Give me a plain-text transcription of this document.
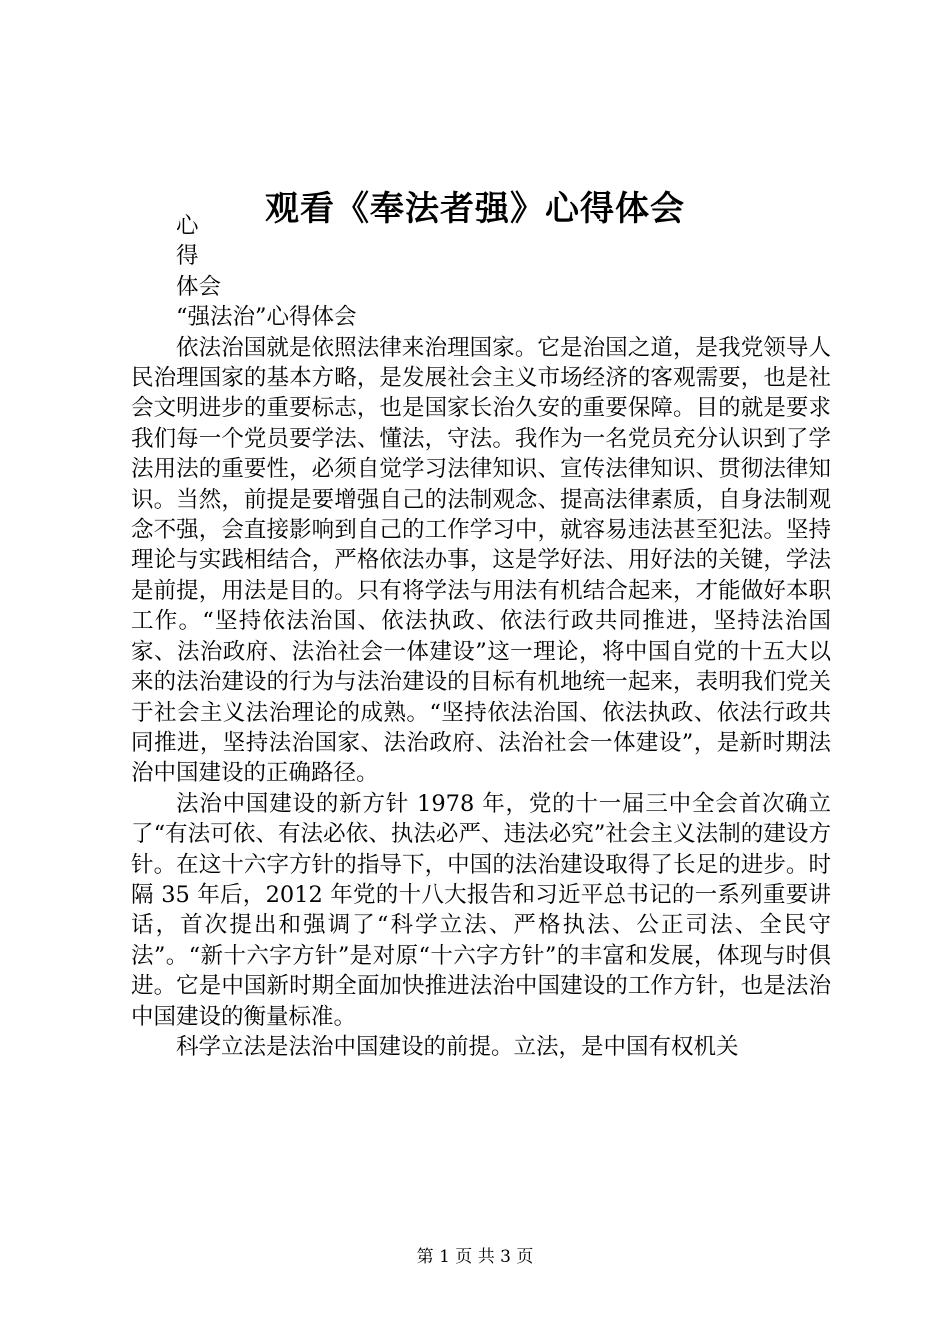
观看《奉法者强》心得体会

心

得

体会

“强法治”心得体会

依法治国就是依照法律来治理国家。它是治国之道，是我党领导人民治理国家的基本方略，是发展社会主义市场经济的客观需要，也是社会文明进步的重要标志，也是国家长治久安的重要保障。目的就是要求我们每一个党员要学法、懂法，守法。我作为一名党员充分认识到了学法用法的重要性，必须自觉学习法律知识、宣传法律知识、贯彻法律知识。当然，前提是要增强自己的法制观念、提高法律素质，自身法制观念不强，会直接影响到自己的工作学习中，就容易违法甚至犯法。坚持理论与实践相结合，严格依法办事，这是学好法、用好法的关键，学法是前提，用法是目的。只有将学法与用法有机结合起来，才能做好本职工作。“坚持依法治国、依法执政、依法行政共同推进，坚持法治国家、法治政府、法治社会一体建设”这一理论，将中国自党的十五大以来的法治建设的行为与法治建设的目标有机地统一起来，表明我们党关于社会主义法治理论的成熟。“坚持依法治国、依法执政、依法行政共同推进，坚持法治国家、法治政府、法治社会一体建设”，是新时期法治中国建设的正确路径。

法治中国建设的新方针 1978 年，党的十一届三中全会首次确立了“有法可依、有法必依、执法必严、违法必究”社会主义法制的建设方针。在这十六字方针的指导下，中国的法治建设取得了长足的进步。时隔 35 年后，2012 年党的十八大报告和习近平总书记的一系列重要讲话，首次提出和强调了“科学立法、严格执法、公正司法、全民守法”。“新十六字方针”是对原“十六字方针”的丰富和发展，体现与时俱进。它是中国新时期全面加快推进法治中国建设的工作方针，也是法治中国建设的衡量标准。

科学立法是法治中国建设的前提。立法，是中国有权机关

第 1 页 共 3 页
